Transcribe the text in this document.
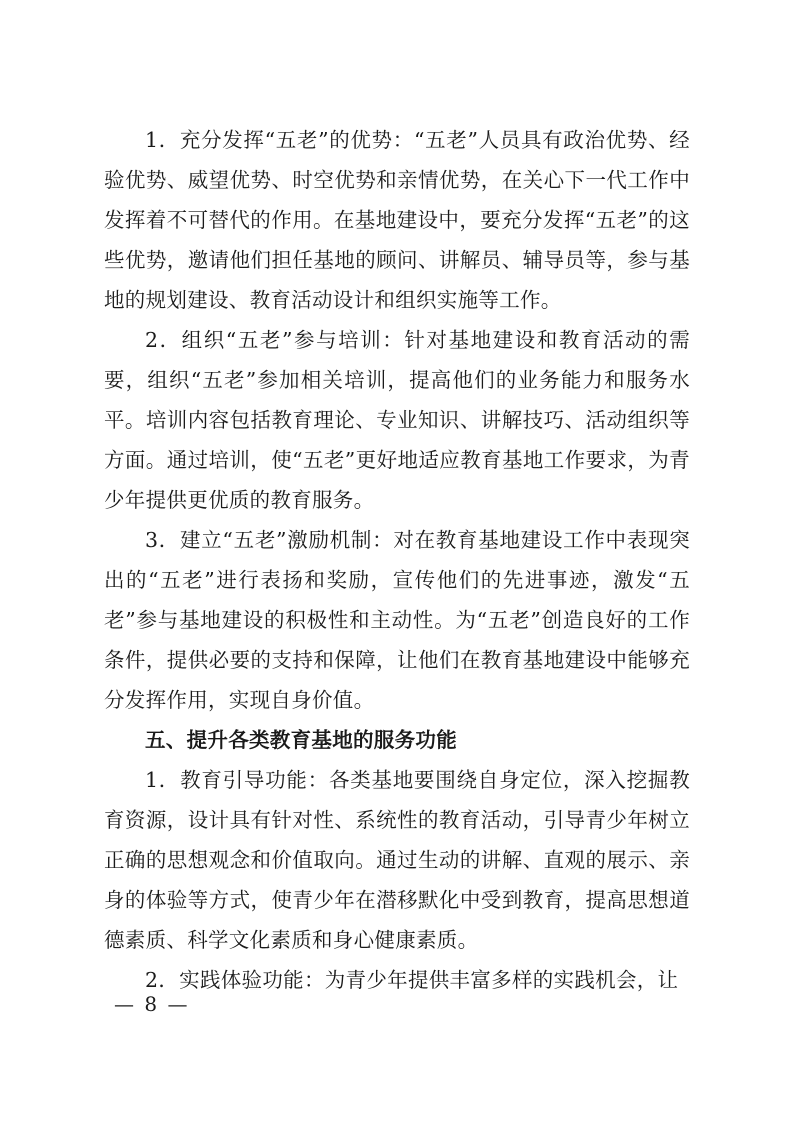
1．充分发挥“五老”的优势：“五老”人员具有政治优势、经验优势、威望优势、时空优势和亲情优势，在关心下一代工作中发挥着不可替代的作用。在基地建设中，要充分发挥“五老”的这些优势，邀请他们担任基地的顾问、讲解员、辅导员等，参与基地的规划建设、教育活动设计和组织实施等工作。

2．组织“五老”参与培训：针对基地建设和教育活动的需要，组织“五老”参加相关培训，提高他们的业务能力和服务水平。培训内容包括教育理论、专业知识、讲解技巧、活动组织等方面。通过培训，使“五老”更好地适应教育基地工作要求，为青少年提供更优质的教育服务。

3．建立“五老”激励机制：对在教育基地建设工作中表现突出的“五老”进行表扬和奖励，宣传他们的先进事迹，激发“五老”参与基地建设的积极性和主动性。为“五老”创造良好的工作条件，提供必要的支持和保障，让他们在教育基地建设中能够充分发挥作用，实现自身价值。

五、提升各类教育基地的服务功能

1．教育引导功能：各类基地要围绕自身定位，深入挖掘教育资源，设计具有针对性、系统性的教育活动，引导青少年树立正确的思想观念和价值取向。通过生动的讲解、直观的展示、亲身的体验等方式，使青少年在潜移默化中受到教育，提高思想道德素质、科学文化素质和身心健康素质。

2．实践体验功能：为青少年提供丰富多样的实践机会，让

— 8 —
